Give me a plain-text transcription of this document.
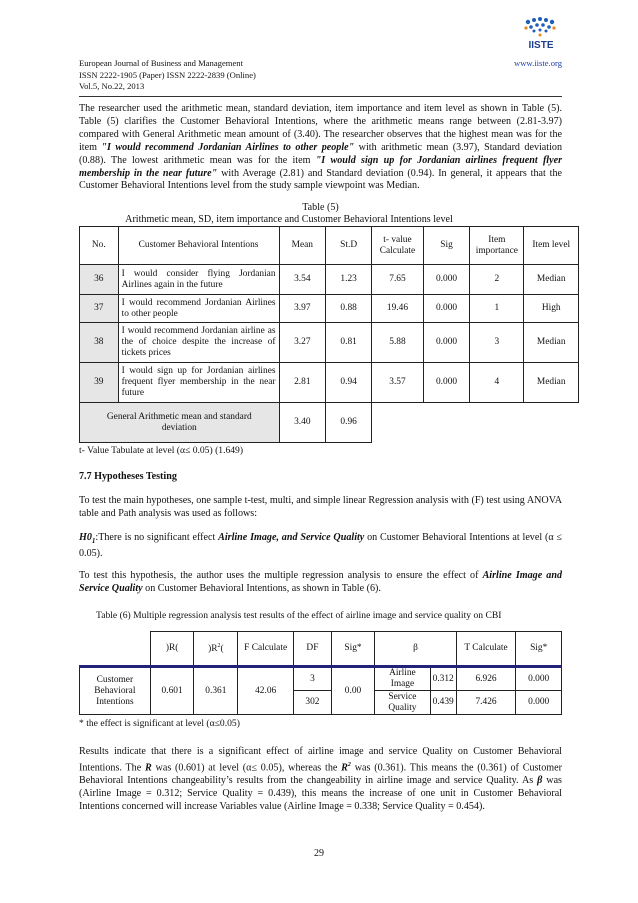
European Journal of Business and Management	www.iiste.org
ISSN 2222-1905 (Paper) ISSN 2222-2839 (Online)
Vol.5, No.22, 2013
IISTE
The researcher used the arithmetic mean, standard deviation, item importance and item level as shown in Table (5). Table (5) clarifies the Customer Behavioral Intentions, where the arithmetic means range between (2.81-3.97) compared with General Arithmetic mean amount of (3.40). The researcher observes that the highest mean was for the item "I would recommend Jordanian Airlines to other people" with arithmetic mean (3.97), Standard deviation (0.88). The lowest arithmetic mean was for the item "I would sign up for Jordanian airlines frequent flyer membership in the near future" with Average (2.81) and Standard deviation (0.94). In general, it appears that the Customer Behavioral Intentions level from the study sample viewpoint was Median.
Table (5)
Arithmetic mean, SD, item importance and Customer Behavioral Intentions level
No.	Customer Behavioral Intentions	Mean	St.D	t- value Calculate	Sig	Item importance	Item level
36	I would consider flying Jordanian Airlines again in the future	3.54	1.23	7.65	0.000	2	Median
37	I would recommend Jordanian Airlines to other people	3.97	0.88	19.46	0.000	1	High
38	I would recommend Jordanian airline as the of choice despite the increase of tickets prices	3.27	0.81	5.88	0.000	3	Median
39	I would sign up for Jordanian airlines frequent flyer membership in the near future	2.81	0.94	3.57	0.000	4	Median
General Arithmetic mean and standard deviation		3.40	0.96				
t- Value Tabulate at level (α≤ 0.05) (1.649)
7.7 Hypotheses Testing
To test the main hypotheses, one sample t-test, multi, and simple linear Regression analysis with (F) test using ANOVA table and Path analysis was used as follows:
$H0_1:There$ is no significant effect Airline Image, and Service Quality on Customer Behavioral Intentions at level (α ≤ 0.05).
To test this hypothesis, the author uses the multiple regression analysis to ensure the effect of Airline Image and Service Quality on Customer Behavioral Intentions, as shown in Table (6).
Table (6) Multiple regression analysis test results of the effect of airline image and service quality on CBI
	)R(	)$R^2$(	F Calculate	DF	Sig*	β		T Calculate	Sig*
Customer Behavioral Intentions	0.601	0.361	42.06	3	0.00	Airline Image	0.312	6.926	0.000
				302		Service Quality	0.439	7.426	0.000
* the effect is significant at level (α≤0.05)
Results indicate that there is a significant effect of airline image and service Quality on Customer Behavioral Intentions. The R was (0.601) at level (α≤ 0.05), whereas the $R^2$ was (0.361). This means the (0.361) of Customer Behavioral Intentions changeability’s results from the changeability in airline image and service Quality. As β was (Airline Image = 0.312; Service Quality = 0.439), this means the increase of one unit in Customer Behavioral Intentions concerned will increase Variables value (Airline Image = 0.338; Service Quality = 0.454).
29
